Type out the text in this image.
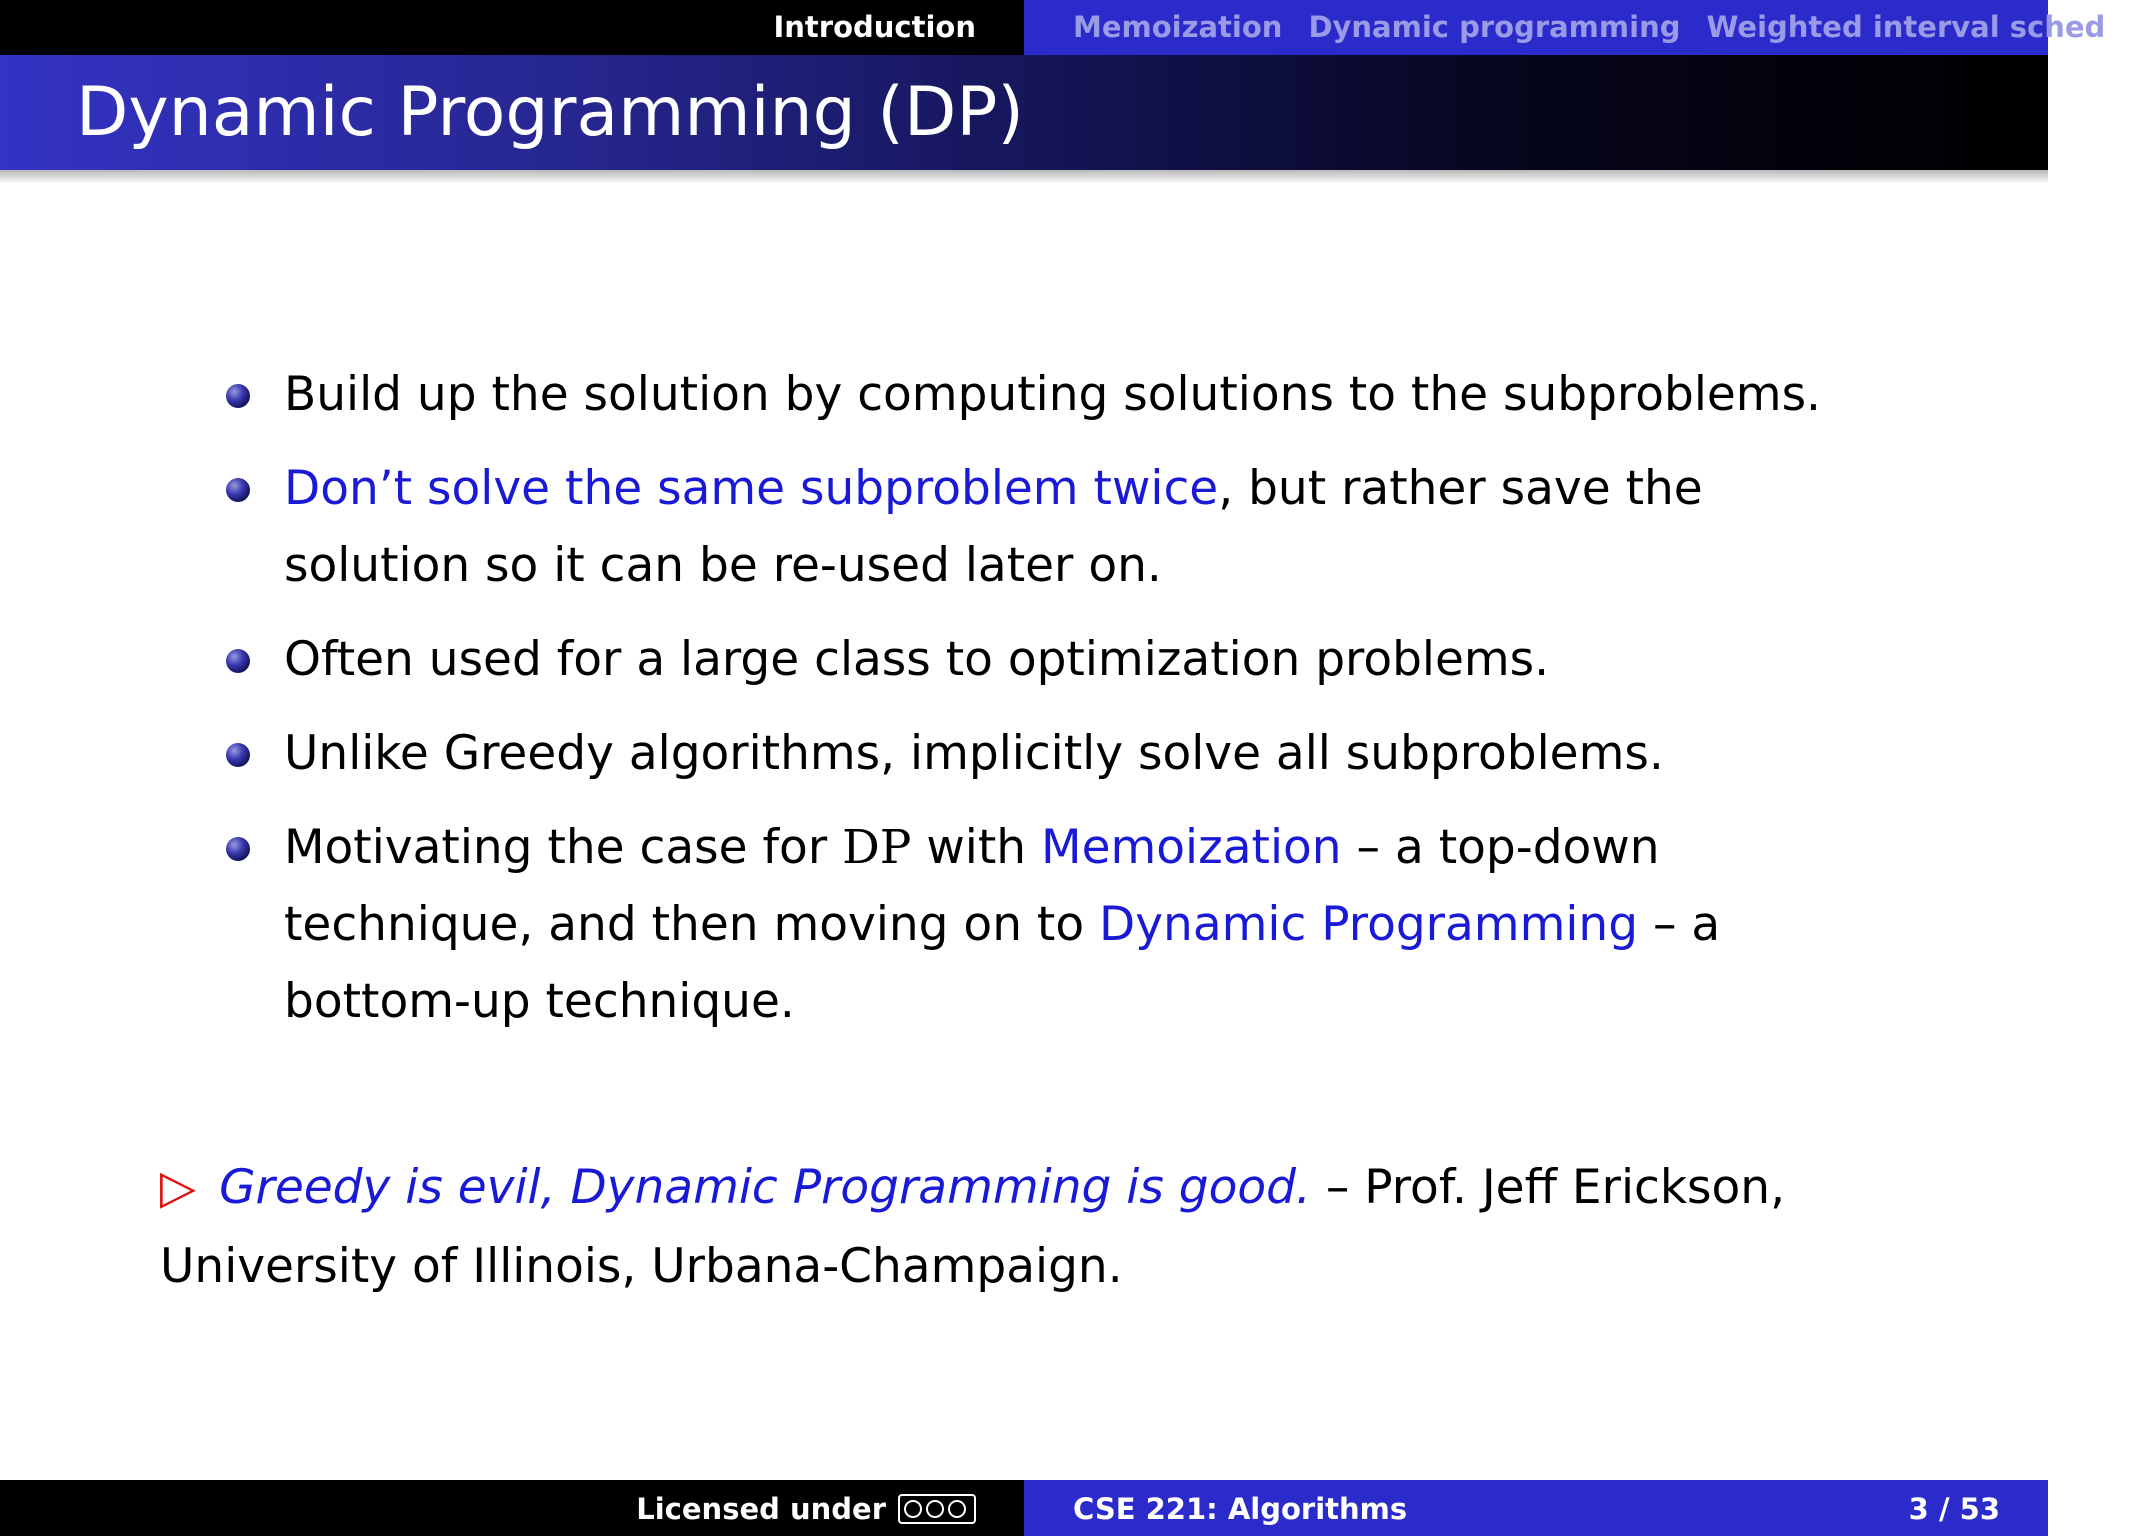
Introduction	Memoization Dynamic programming Weighted interval sched
Dynamic Programming (DP)
Build up the solution by computing solutions to the subproblems.
Don’t solve the same subproblem twice, but rather save the solution so it can be re-used later on.
Often used for a large class to optimization problems.
Unlike Greedy algorithms, implicitly solve all subproblems.
Motivating the case for DP with Memoization – a top-down technique, and then moving on to Dynamic Programming – a bottom-up technique.

▷ Greedy is evil, Dynamic Programming is good. – Prof. Jeff Erickson, University of Illinois, Urbana-Champaign.

Licensed under	CSE 221: Algorithms	3 / 53
